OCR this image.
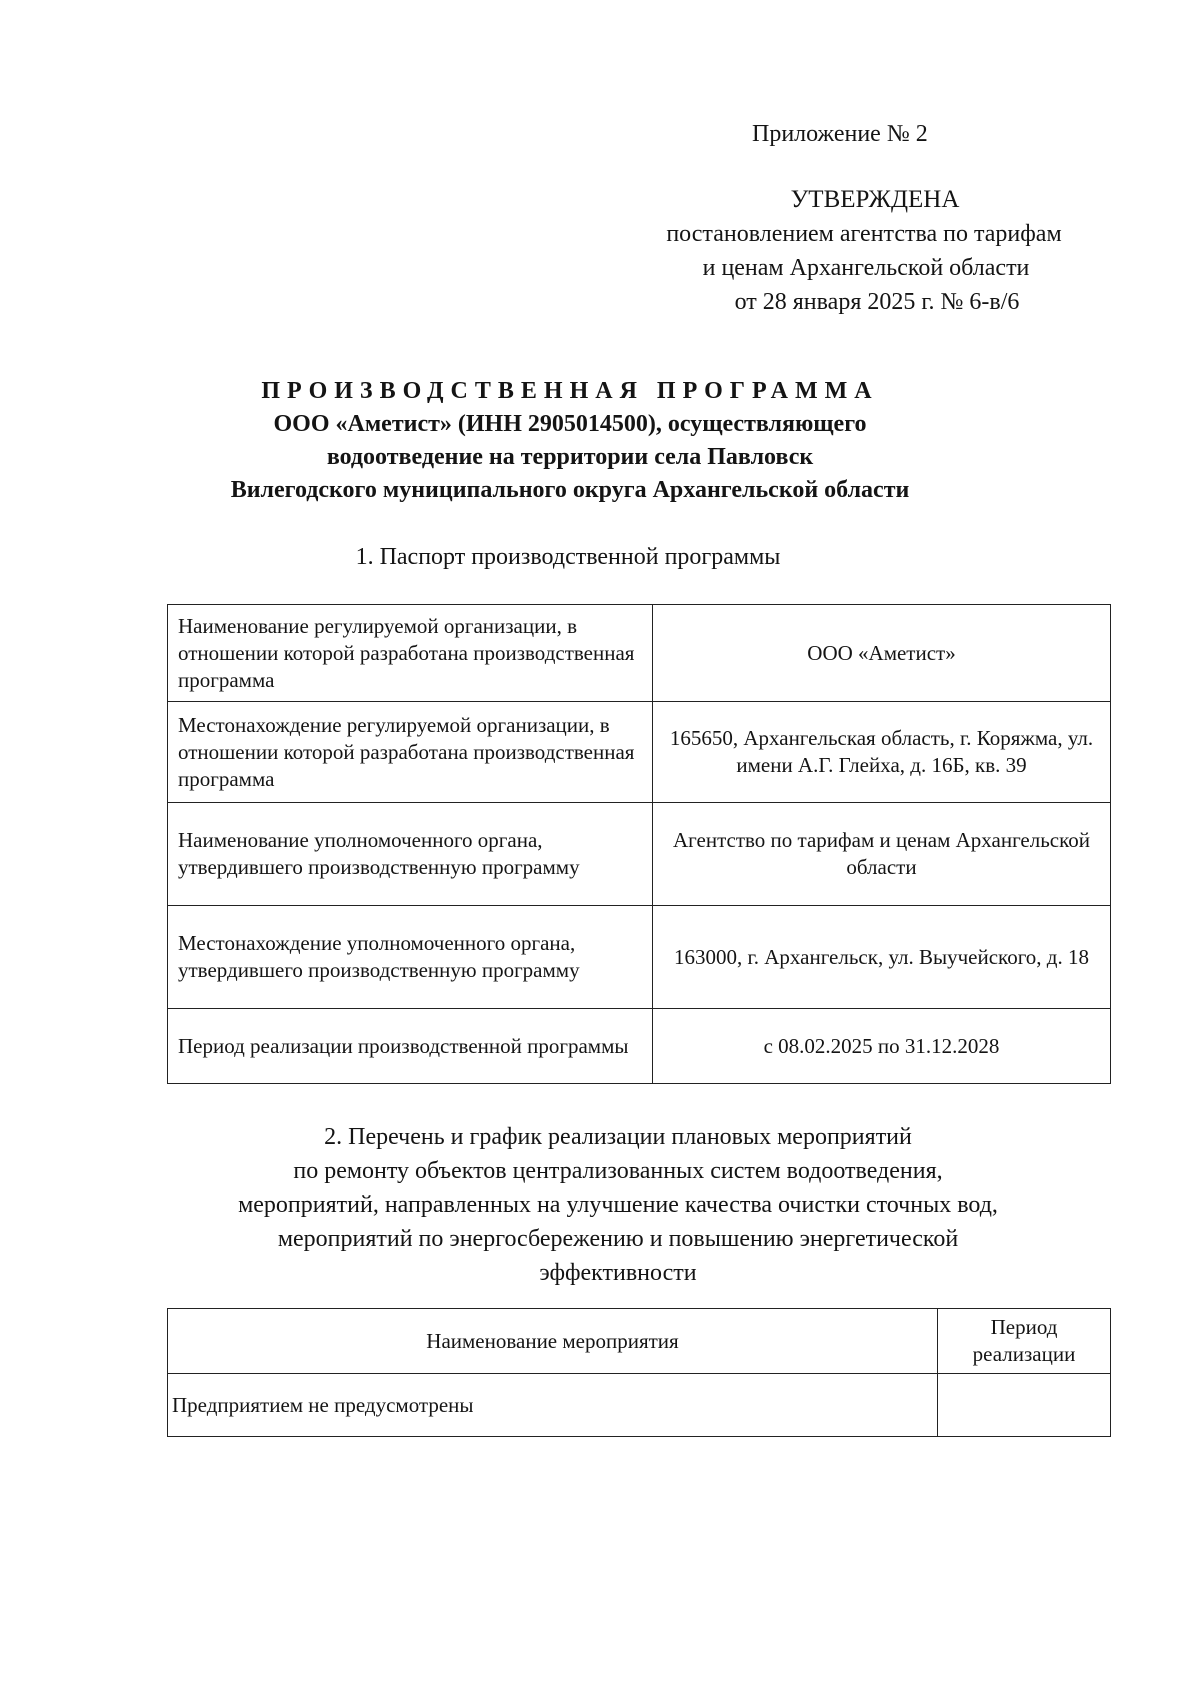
Приложение № 2
УТВЕРЖДЕНА
постановлением агентства по тарифам
и ценам Архангельской области
от 28 января 2025 г. № 6-в/6
ПРОИЗВОДСТВЕННАЯ ПРОГРАММА
ООО «Аметист» (ИНН 2905014500), осуществляющего
водоотведение на территории села Павловск
Вилегодского муниципального округа Архангельской области
1. Паспорт производственной программы
Наименование регулируемой организации, в отношении которой разработана производственная программа	ООО «Аметист»
Местонахождение регулируемой организации, в отношении которой разработана производственная программа	165650, Архангельская область, г. Коряжма, ул. имени А.Г. Глейха, д. 16Б, кв. 39
Наименование уполномоченного органа, утвердившего производственную программу	Агентство по тарифам и ценам Архангельской области
Местонахождение уполномоченного органа, утвердившего производственную программу	163000, г. Архангельск, ул. Выучейского, д. 18
Период реализации производственной программы	с 08.02.2025 по 31.12.2028
2. Перечень и график реализации плановых мероприятий
по ремонту объектов централизованных систем водоотведения,
мероприятий, направленных на улучшение качества очистки сточных вод,
мероприятий по энергосбережению и повышению энергетической
эффективности
Наименование мероприятия	Период реализации
Предприятием не предусмотрены	
